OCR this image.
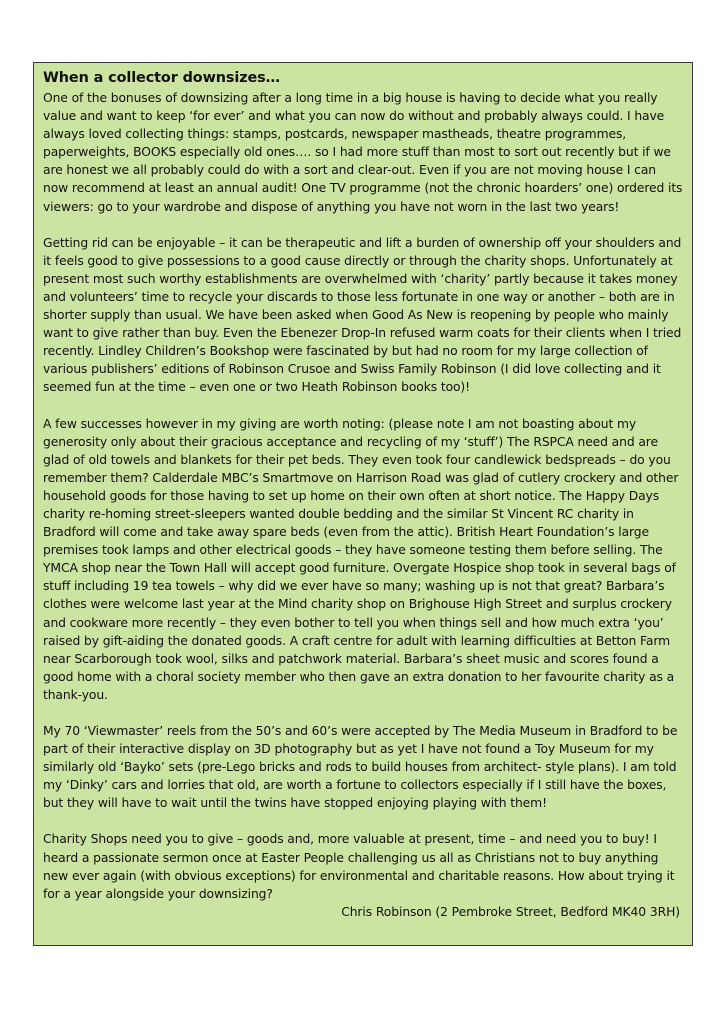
When a collector downsizes…

One of the bonuses of downsizing after a long time in a big house is having to decide what you really value and want to keep ‘for ever’ and what you can now do without and probably always could. I have always loved collecting things: stamps, postcards, newspaper mastheads, theatre programmes, paperweights, BOOKS especially old ones…. so I had more stuff than most to sort out recently but if we are honest we all probably could do with a sort and clear-out. Even if you are not moving house I can now recommend at least an annual audit! One TV programme (not the chronic hoarders’ one) ordered its viewers: go to your wardrobe and dispose of anything you have not worn in the last two years!

Getting rid can be enjoyable – it can be therapeutic and lift a burden of ownership off your shoulders and it feels good to give possessions to a good cause directly or through the charity shops. Unfortunately at present most such worthy establishments are overwhelmed with ‘charity’ partly because it takes money and volunteers’ time to recycle your discards to those less fortunate in one way or another – both are in shorter supply than usual. We have been asked when Good As New is reopening by people who mainly want to give rather than buy. Even the Ebenezer Drop-In refused warm coats for their clients when I tried recently. Lindley Children’s Bookshop were fascinated by but had no room for my large collection of various publishers’ editions of Robinson Crusoe and Swiss Family Robinson (I did love collecting and it seemed fun at the time – even one or two Heath Robinson books too)!

A few successes however in my giving are worth noting: (please note I am not boasting about my generosity only about their gracious acceptance and recycling of my ‘stuff’) The RSPCA need and are glad of old towels and blankets for their pet beds. They even took four candlewick bedspreads – do you remember them? Calderdale MBC’s Smartmove on Harrison Road was glad of cutlery crockery and other household goods for those having to set up home on their own often at short notice. The Happy Days charity re-homing street-sleepers wanted double bedding and the similar St Vincent RC charity in Bradford will come and take away spare beds (even from the attic). British Heart Foundation’s large premises took lamps and other electrical goods – they have someone testing them before selling. The YMCA shop near the Town Hall will accept good furniture. Overgate Hospice shop took in several bags of stuff including 19 tea towels – why did we ever have so many; washing up is not that great? Barbara’s clothes were welcome last year at the Mind charity shop on Brighouse High Street and surplus crockery and cookware more recently – they even bother to tell you when things sell and how much extra ‘you’ raised by gift-aiding the donated goods. A craft centre for adult with learning difficulties at Betton Farm near Scarborough took wool, silks and patchwork material. Barbara’s sheet music and scores found a good home with a choral society member who then gave an extra donation to her favourite charity as a thank-you.

My 70 ‘Viewmaster’ reels from the 50’s and 60’s were accepted by The Media Museum in Bradford to be part of their interactive display on 3D photography but as yet I have not found a Toy Museum for my similarly old ‘Bayko’ sets (pre-Lego bricks and rods to build houses from architect- style plans). I am told my ‘Dinky’ cars and lorries that old, are worth a fortune to collectors especially if I still have the boxes, but they will have to wait until the twins have stopped enjoying playing with them!

Charity Shops need you to give – goods and, more valuable at present, time – and need you to buy! I heard a passionate sermon once at Easter People challenging us all as Christians not to buy anything new ever again (with obvious exceptions) for environmental and charitable reasons. How about trying it for a year alongside your downsizing?

Chris Robinson (2 Pembroke Street, Bedford MK40 3RH)
